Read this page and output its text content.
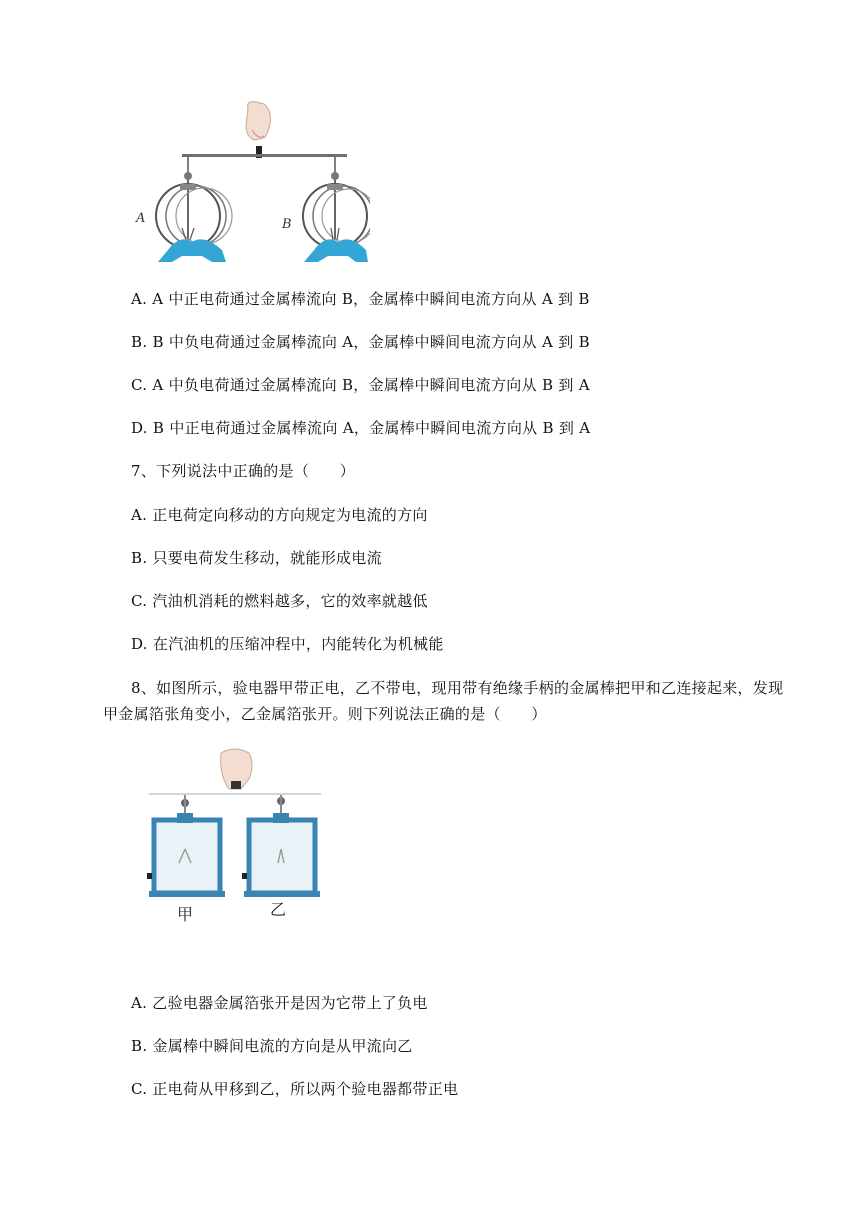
A	B
A. A 中正电荷通过金属棒流向 B，金属棒中瞬间电流方向从 A 到 B
B. B 中负电荷通过金属棒流向 A，金属棒中瞬间电流方向从 A 到 B
C. A 中负电荷通过金属棒流向 B，金属棒中瞬间电流方向从 B 到 A
D. B 中正电荷通过金属棒流向 A，金属棒中瞬间电流方向从 B 到 A
7、下列说法中正确的是（　　）
A. 正电荷定向移动的方向规定为电流的方向
B. 只要电荷发生移动，就能形成电流
C. 汽油机消耗的燃料越多，它的效率就越低
D. 在汽油机的压缩冲程中，内能转化为机械能
8、如图所示，验电器甲带正电，乙不带电，现用带有绝缘手柄的金属棒把甲和乙连接起来，发现
甲金属箔张角变小，乙金属箔张开。则下列说法正确的是（　　）
甲	乙
A. 乙验电器金属箔张开是因为它带上了负电
B. 金属棒中瞬间电流的方向是从甲流向乙
C. 正电荷从甲移到乙，所以两个验电器都带正电
